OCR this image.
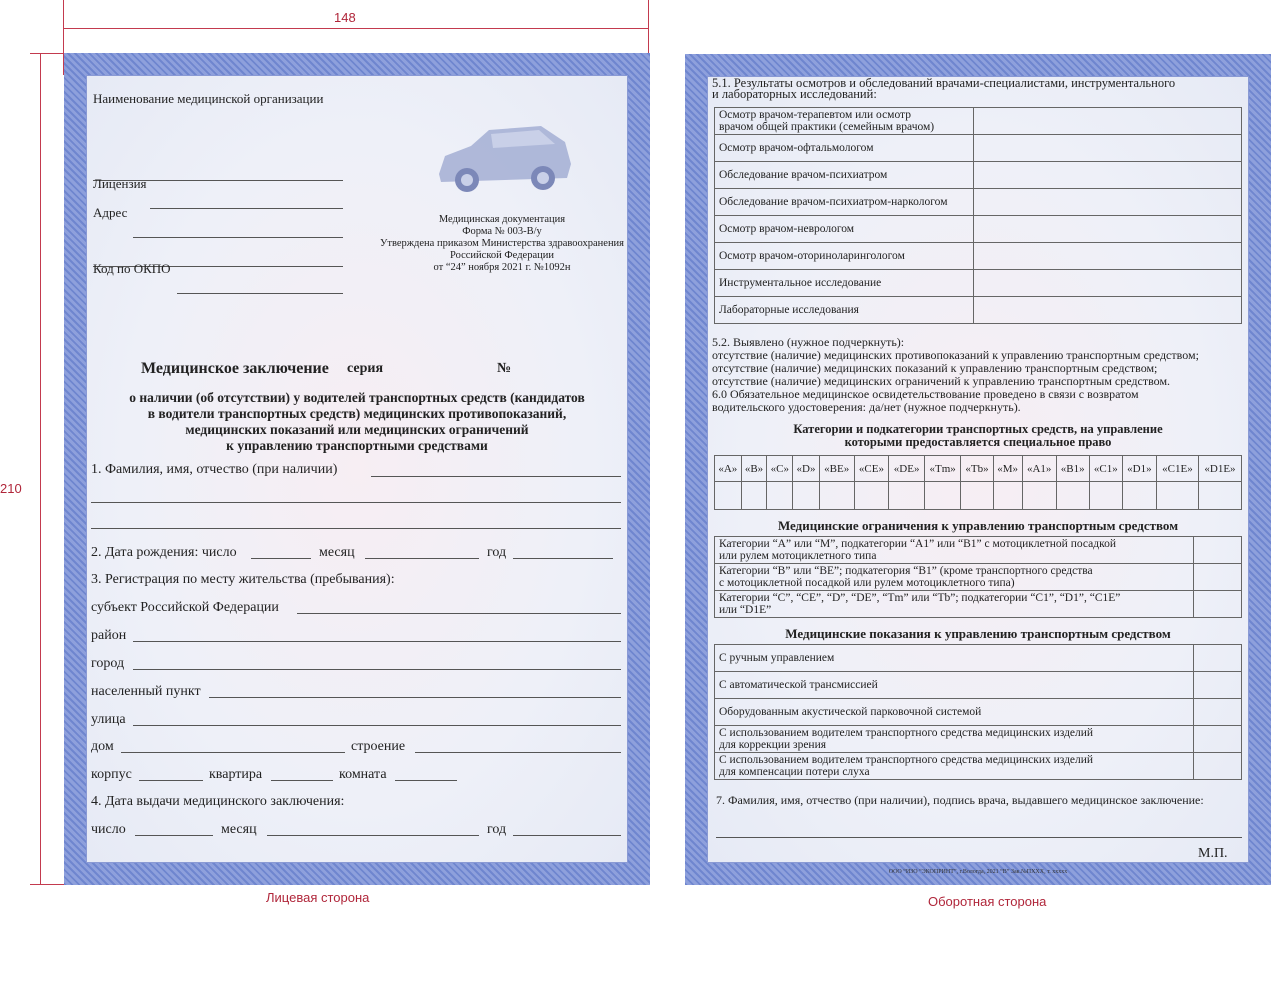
148
210
Наименование медицинской организации
Лицензия
Адрес
Код по ОКПО
Медицинская документация
Форма № 003-В/у
Утверждена приказом Министерства здравоохранения
Российской Федерации
от “24” ноября 2021 г. №1092н
Медицинское заключение серия	№
о наличии (об отсутствии) у водителей транспортных средств (кандидатов
в водители транспортных средств) медицинских противопоказаний,
медицинских показаний или медицинских ограничений
к управлению транспортными средствами
1. Фамилия, имя, отчество (при наличии)
2. Дата рождения: число	месяц	год
3. Регистрация по месту жительства (пребывания):
субъект Российской Федерации
район
город
населенный пункт
улица
дом	строение
корпус	квартира	комната
4. Дата выдачи медицинского заключения:
число	месяц	год
Лицевая сторона
5.1. Результаты осмотров и обследований врачами-специалистами, инструментального
и лабораторных исследований:
Осмотр врачом-терапевтом или осмотр
врачом общей практики (семейным врачом)	

Осмотр врачом-офтальмологом	

Обследование врачом-психиатром	

Обследование врачом-психиатром-наркологом	

Осмотр врачом-неврологом	

Осмотр врачом-оториноларингологом	

Инструментальное исследование	

Лабораторные исследования	

5.2. Выявлено (нужное подчеркнуть):
отсутствие (наличие) медицинских противопоказаний к управлению транспортным средством;
отсутствие (наличие) медицинских показаний к управлению транспортным средством;
отсутствие (наличие) медицинских ограничений к управлению транспортным средством.
6.0 Обязательное медицинское освидетельствование проведено в связи с возвратом
водительского удостоверения: да/нет (нужное подчеркнуть).
Категории и подкатегории транспортных средств, на управление
которыми предоставляется специальное право
«A»	«B»	«C»	«D»	«BE»	«CE»	«DE»	«Tm»	«Tb»	«M»	«A1»	«B1»	«C1»	«D1»	«C1E»	«D1E»

Медицинские ограничения к управлению транспортным средством
Категории “A” или “M”, подкатегории “A1” или “B1” с мотоциклетной посадкой
или рулем мотоциклетного типа	

Категории “B” или “BE”; подкатегория “B1” (кроме транспортного средства
с мотоциклетной посадкой или рулем мотоциклетного типа)	

Категории “C”, “CE”, “D”, “DE”, “Tm” или “Tb”; подкатегории “C1”, “D1”, “C1E”
или “D1E”	

Медицинские показания к управлению транспортным средством
С ручным управлением	

С автоматической трансмиссией	

Оборудованным акустической парковочной системой	

С использованием водителем транспортного средства медицинских изделий
для коррекции зрения	

С использованием водителем транспортного средства медицинских изделий
для компенсации потери слуха	

7. Фамилия, имя, отчество (при наличии), подпись врача, выдавшего медицинское заключение:
М.П.
ООО “ИЗО “ЭКОПРИНТ”, г.Вологда, 2021 “В” Зак.№ПХХХ, т. ххххх
Оборотная сторона
